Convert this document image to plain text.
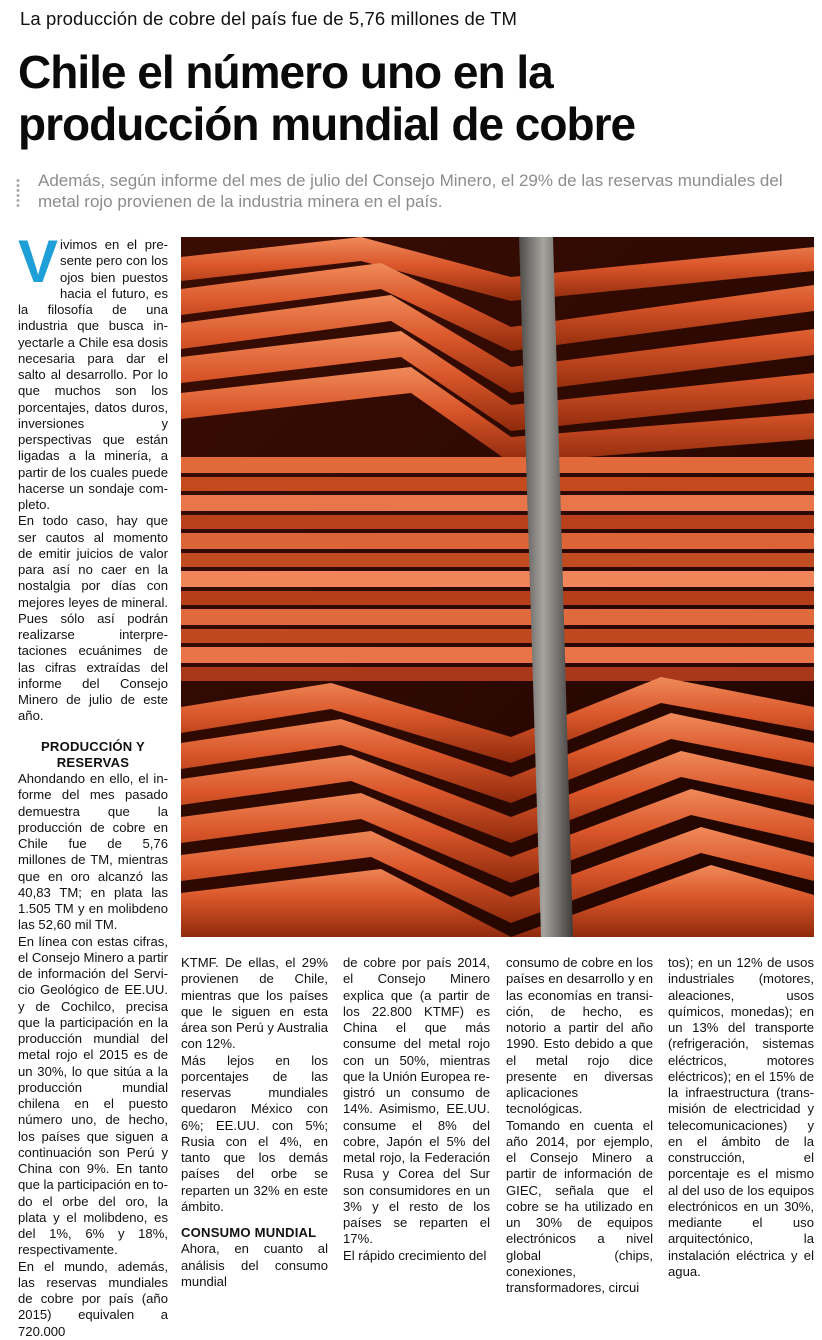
La producción de cobre del país fue de 5,76 millones de TM
Chile el número uno en la
producción mundial de cobre

Además, según informe del mes de julio del Consejo Minero, el 29% de las reservas mundiales del metal rojo provienen de la industria minera en el país.

Vivimos en el presente pero con los ojos bien puestos hacia el futuro, es la filosofía de una industria que busca inyectarle a Chile esa dosis necesaria para dar el salto al desarrollo. Por lo que muchos son los porcentajes, datos duros, inversiones y perspectivas que están ligadas a la minería, a partir de los cuales puede hacerse un sondaje completo.

En todo caso, hay que ser cautos al momento de emitir juicios de valor para así no caer en la nostalgia por días con mejores leyes de mineral. Pues sólo así podrán realizarse interpretaciones ecuánimes de las cifras extraídas del informe del Consejo Minero de julio de este año.

PRODUCCIÓN Y
RESERVAS

Ahondando en ello, el informe del mes pasado demuestra que la producción de cobre en Chile fue de 5,76 millones de TM, mientras que en oro alcanzó las 40,83 TM; en plata las 1.505 TM y en molibdeno las 52,60 mil TM.

En línea con estas cifras, el Consejo Minero a partir de información del Servicio Geológico de EE.UU. y de Cochilco, precisa que la participación en la producción mundial del metal rojo el 2015 es de un 30%, lo que sitúa a la producción mundial chilena en el puesto número uno, de hecho, los países que siguen a continuación son Perú y China con 9%. En tanto que la participación en todo el orbe del oro, la plata y el molibdeno, es del 1%, 6% y 18%, respectivamente.

En el mundo, además, las reservas mundiales de cobre por país (año 2015) equivalen a 720.000

KTMF. De ellas, el 29% provienen de Chile, mientras que los países que le siguen en esta área son Perú y Australia con 12%.

Más lejos en los porcentajes de las reservas mundiales quedaron México con 6%; EE.UU. con 5%; Rusia con el 4%, en tanto que los demás países del orbe se reparten un 32% en este ámbito.

CONSUMO MUNDIAL

Ahora, en cuanto al análisis del consumo mundial

de cobre por país 2014, el Consejo Minero explica que (a partir de los 22.800 KTMF) es China el que más consume del metal rojo con un 50%, mientras que la Unión Europea registró un consumo de 14%. Asimismo, EE.UU. consume el 8% del cobre, Japón el 5% del metal rojo, la Federación Rusa y Corea del Sur son consumidores en un 3% y el resto de los países se reparten el 17%.

El rápido crecimiento del

consumo de cobre en los países en desarrollo y en las economías en transición, de hecho, es notorio a partir del año 1990. Esto debido a que el metal rojo dice presente en diversas aplicaciones tecnológicas.

Tomando en cuenta el año 2014, por ejemplo, el Consejo Minero a partir de información de GIEC, señala que el cobre se ha utilizado en un 30% de equipos electrónicos a nivel global (chips, conexiones, transformadores, circui

tos); en un 12% de usos industriales (motores, aleaciones, usos químicos, monedas); en un 13% del transporte (refrigeración, sistemas eléctricos, motores eléctricos); en el 15% de la infraestructura (transmisión de electricidad y telecomunicaciones) y en el ámbito de la construcción, el porcentaje es el mismo al del uso de los equipos electrónicos en un 30%, mediante el uso arquitectónico, la instalación eléctrica y el agua.
